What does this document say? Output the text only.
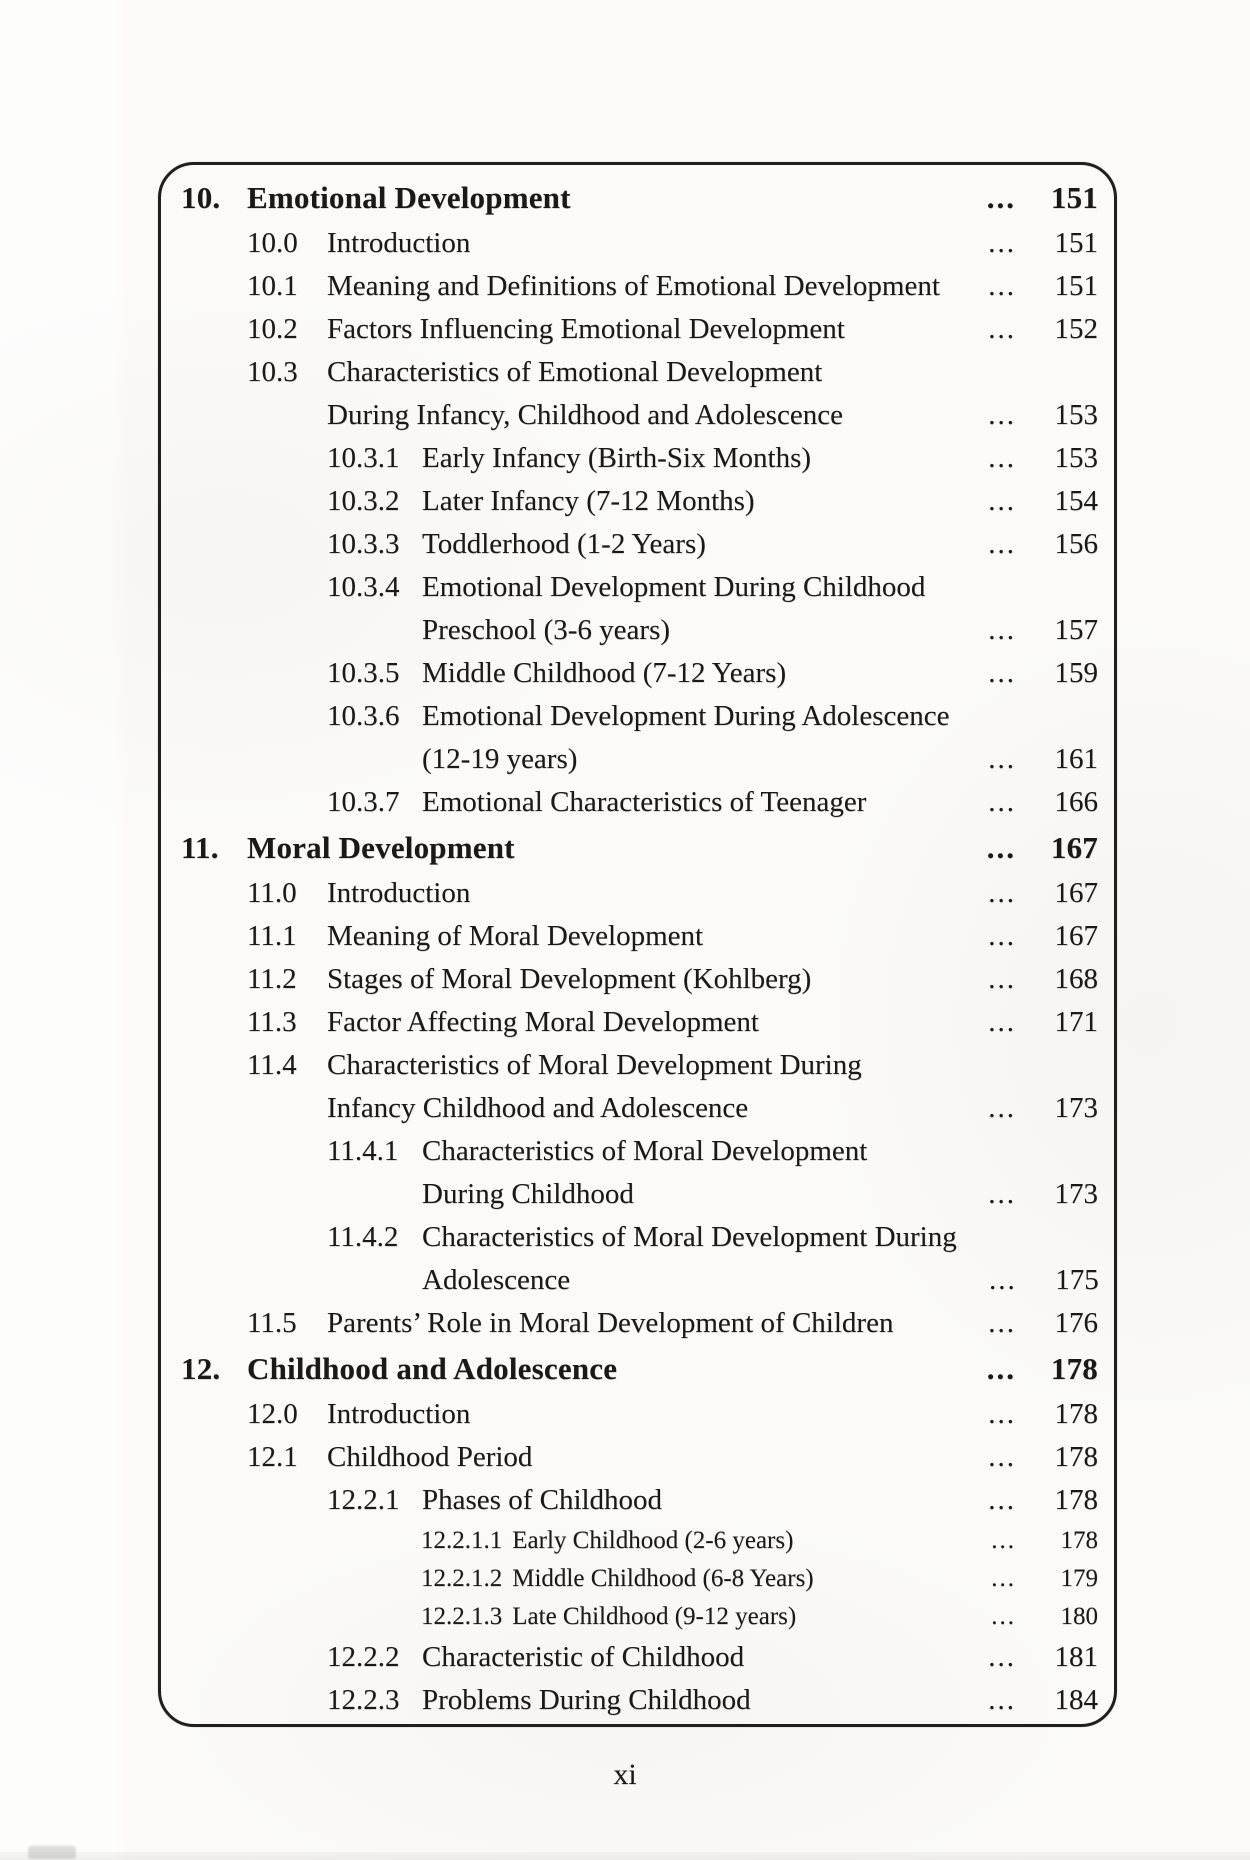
10. Emotional Development	... 151
10.0	Introduction	... 151
10.1	Meaning and Definitions of Emotional Development ... 151
10.2	Factors Influencing Emotional Development	... 152
10.3	Characteristics of Emotional Development
During Infancy, Childhood and Adolescence	... 153
10.3.1 Early Infancy (Birth-Six Months)	... 153
10.3.2 Later Infancy (7-12 Months)	... 154
10.3.3 Toddlerhood (1-2 Years)	... 156
10.3.4 Emotional Development During Childhood
Preschool (3-6 years)	... 157
10.3.5 Middle Childhood (7-12 Years)	... 159
10.3.6 Emotional Development During Adolescence
(12-19 years)	... 161
10.3.7 Emotional Characteristics of Teenager	... 166
11. Moral Development	... 167
11.0	Introduction	... 167
11.1	Meaning of Moral Development	... 167
11.2	Stages of Moral Development (Kohlberg)	... 168
11.3	Factor Affecting Moral Development	... 171
11.4	Characteristics of Moral Development During
Infancy Childhood and Adolescence	... 173
11.4.1 Characteristics of Moral Development
During Childhood	... 173
11.4.2 Characteristics of Moral Development During
Adolescence	... 175
11.5	Parents’ Role in Moral Development of Children	... 176
12. Childhood and Adolescence	... 178
12.0	Introduction	... 178
12.1	Childhood Period	... 178
12.2.1 Phases of Childhood	... 178
12.2.1.1 Early Childhood (2-6 years)	... 178
12.2.1.2 Middle Childhood (6-8 Years)	... 179
12.2.1.3 Late Childhood (9-12 years)	... 180
12.2.2 Characteristic of Childhood	... 181
12.2.3 Problems During Childhood	... 184
xi
